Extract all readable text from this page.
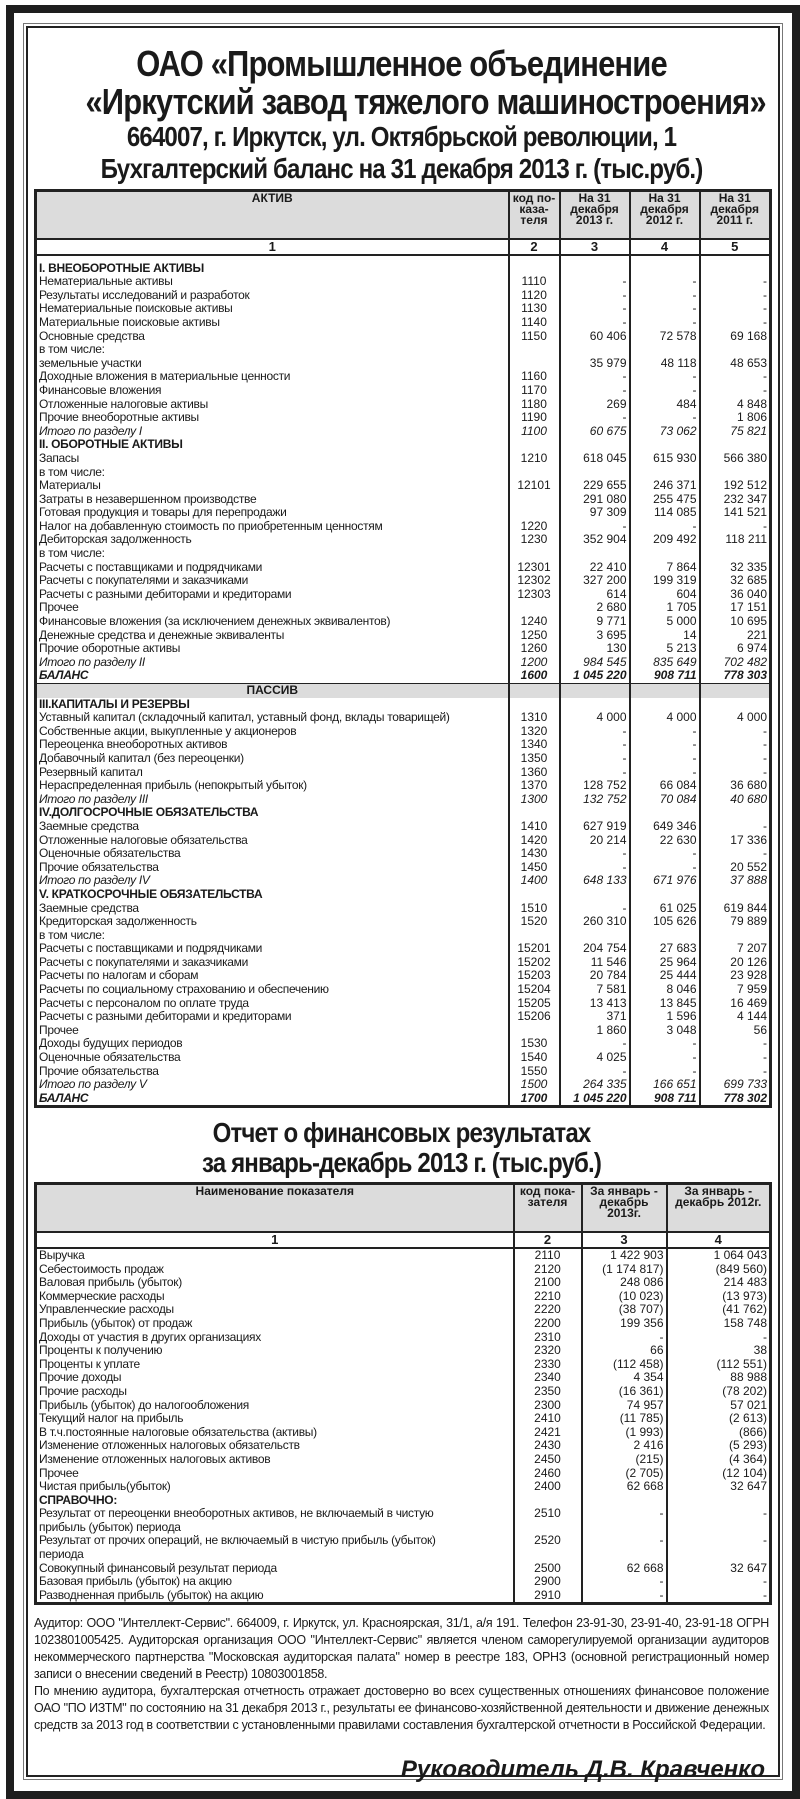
ОАО «Промышленное объединение
«Иркутский завод тяжелого машиностроения»
664007, г. Иркутск, ул. Октябрьской революции, 1
Бухгалтерский баланс на 31 декабря 2013 г. (тыс.руб.)
АКТИВ	код по-каза-теля	На 31 декабря 2013 г.	На 31 декабря 2012 г.	На 31 декабря 2011 г.
1	2	3	4	5
I. ВНЕОБОРОТНЫЕ АКТИВЫ				
Нематериальные активы	1110	-	-	-
Результаты исследований и разработок	1120	-	-	-
Нематериальные поисковые активы	1130	-	-	-
Материальные поисковые активы	1140	-	-	-
Основные средства	1150	60 406	72 578	69 168
в том числе:				
земельные участки		35 979	48 118	48 653
Доходные вложения в материальные ценности	1160	-	-	-
Финансовые вложения	1170	-	-	-
Отложенные налоговые активы	1180	269	484	4 848
Прочие внеоборотные активы	1190	-	-	1 806
Итого по разделу I	1100	60 675	73 062	75 821
II. ОБОРОТНЫЕ АКТИВЫ				
Запасы	1210	618 045	615 930	566 380
в том числе:				
Материалы	12101	229 655	246 371	192 512
Затраты в незавершенном производстве		291 080	255 475	232 347
Готовая продукция и товары для перепродажи		97 309	114 085	141 521
Налог на добавленную стоимость по приобретенным ценностям	1220	-	-	-
Дебиторская задолженность	1230	352 904	209 492	118 211
в том числе:				
Расчеты с поставщиками и подрядчиками	12301	22 410	7 864	32 335
Расчеты с покупателями и заказчиками	12302	327 200	199 319	32 685
Расчеты с разными дебиторами и кредиторами	12303	614	604	36 040
Прочее		2 680	1 705	17 151
Финансовые вложения (за исключением денежных эквивалентов)	1240	9 771	5 000	10 695
Денежные средства и денежные эквиваленты	1250	3 695	14	221
Прочие оборотные активы	1260	130	5 213	6 974
Итого по разделу II	1200	984 545	835 649	702 482
БАЛАНС	1600	1 045 220	908 711	778 303
ПАССИВ				
III.КАПИТАЛЫ И РЕЗЕРВЫ				
Уставный капитал (складочный капитал, уставный фонд, вклады товарищей)	1310	4 000	4 000	4 000
Собственные акции, выкупленные у акционеров	1320	-	-	-
Переоценка внеоборотных активов	1340	-	-	-
Добавочный капитал (без переоценки)	1350	-	-	-
Резервный капитал	1360	-	-	-
Нераспределенная прибыль (непокрытый убыток)	1370	128 752	66 084	36 680
Итого по разделу III	1300	132 752	70 084	40 680
IV.ДОЛГОСРОЧНЫЕ ОБЯЗАТЕЛЬСТВА				
Заемные средства	1410	627 919	649 346	-
Отложенные налоговые обязательства	1420	20 214	22 630	17 336
Оценочные обязательства	1430	-	-	-
Прочие обязательства	1450	-	-	20 552
Итого по разделу IV	1400	648 133	671 976	37 888
V. КРАТКОСРОЧНЫЕ ОБЯЗАТЕЛЬСТВА				
Заемные средства	1510	-	61 025	619 844
Кредиторская задолженность	1520	260 310	105 626	79 889
в том числе:				
Расчеты с поставщиками и подрядчиками	15201	204 754	27 683	7 207
Расчеты с покупателями и заказчиками	15202	11 546	25 964	20 126
Расчеты по налогам и сборам	15203	20 784	25 444	23 928
Расчеты по социальному страхованию и обеспечению	15204	7 581	8 046	7 959
Расчеты с персоналом по оплате труда	15205	13 413	13 845	16 469
Расчеты с разными дебиторами и кредиторами	15206	371	1 596	4 144
Прочее		1 860	3 048	56
Доходы будущих периодов	1530	-	-	-
Оценочные обязательства	1540	4 025	-	-
Прочие обязательства	1550	-	-	-
Итого по разделу V	1500	264 335	166 651	699 733
БАЛАНС	1700	1 045 220	908 711	778 302
Отчет о финансовых результатах
за январь-декабрь 2013 г. (тыс.руб.)
Наименование показателя	код пока-зателя	За январь - декабрь 2013г.	За январь - декабрь 2012г.
1	2	3	4
Выручка	2110	1 422 903	1 064 043
Себестоимость продаж	2120	(1 174 817)	(849 560)
Валовая прибыль (убыток)	2100	248 086	214 483
Коммерческие расходы	2210	(10 023)	(13 973)
Управленческие расходы	2220	(38 707)	(41 762)
Прибыль (убыток) от продаж	2200	199 356	158 748
Доходы от участия в других организациях	2310	-	-
Проценты к получению	2320	66	38
Проценты к уплате	2330	(112 458)	(112 551)
Прочие доходы	2340	4 354	88 988
Прочие расходы	2350	(16 361)	(78 202)
Прибыль (убыток) до налогообложения	2300	74 957	57 021
Текущий налог на прибыль	2410	(11 785)	(2 613)
В т.ч.постоянные налоговые обязательства (активы)	2421	(1 993)	(866)
Изменение отложенных налоговых обязательств	2430	2 416	(5 293)
Изменение отложенных налоговых активов	2450	(215)	(4 364)
Прочее	2460	(2 705)	(12 104)
Чистая прибыль(убыток)	2400	62 668	32 647
СПРАВОЧНО:			
Результат от переоценки внеоборотных активов, не включаемый в чистую	2510	-	-
прибыль (убыток) периода			
Результат от прочих операций, не включаемый в чистую прибыль (убыток)	2520	-	-
периода			
Совокупный финансовый результат периода	2500	62 668	32 647
Базовая прибыль (убыток) на акцию	2900	-	-
Разводненная прибыль (убыток) на акцию	2910	-	-

Аудитор: ООО "Интеллект-Сервис". 664009, г. Иркутск, ул. Красноярская, 31/1, а/я 191. Телефон 23-91-30, 23-91-40, 23-91-18 ОГРН 1023801005425. Аудиторская организация ООО "Интеллект-Сервис" является членом саморегулируемой организации аудиторов некоммерческого партнерства "Московская аудиторская палата" номер в реестре 183, ОРНЗ (основной регистрационный номер записи о внесении сведений в Реестр) 10803001858.

По мнению аудитора, бухгалтерская отчетность отражает достоверно во всех существенных отношениях финансовое положение ОАО "ПО ИЗТМ" по состоянию на 31 декабря 2013 г., результаты ее финансово-хозяйственной деятельности и движение денежных средств за 2013 год в соответствии с установленными правилами составления бухгалтерской отчетности в Российской Федерации.

Руководитель Д.В. Кравченко
